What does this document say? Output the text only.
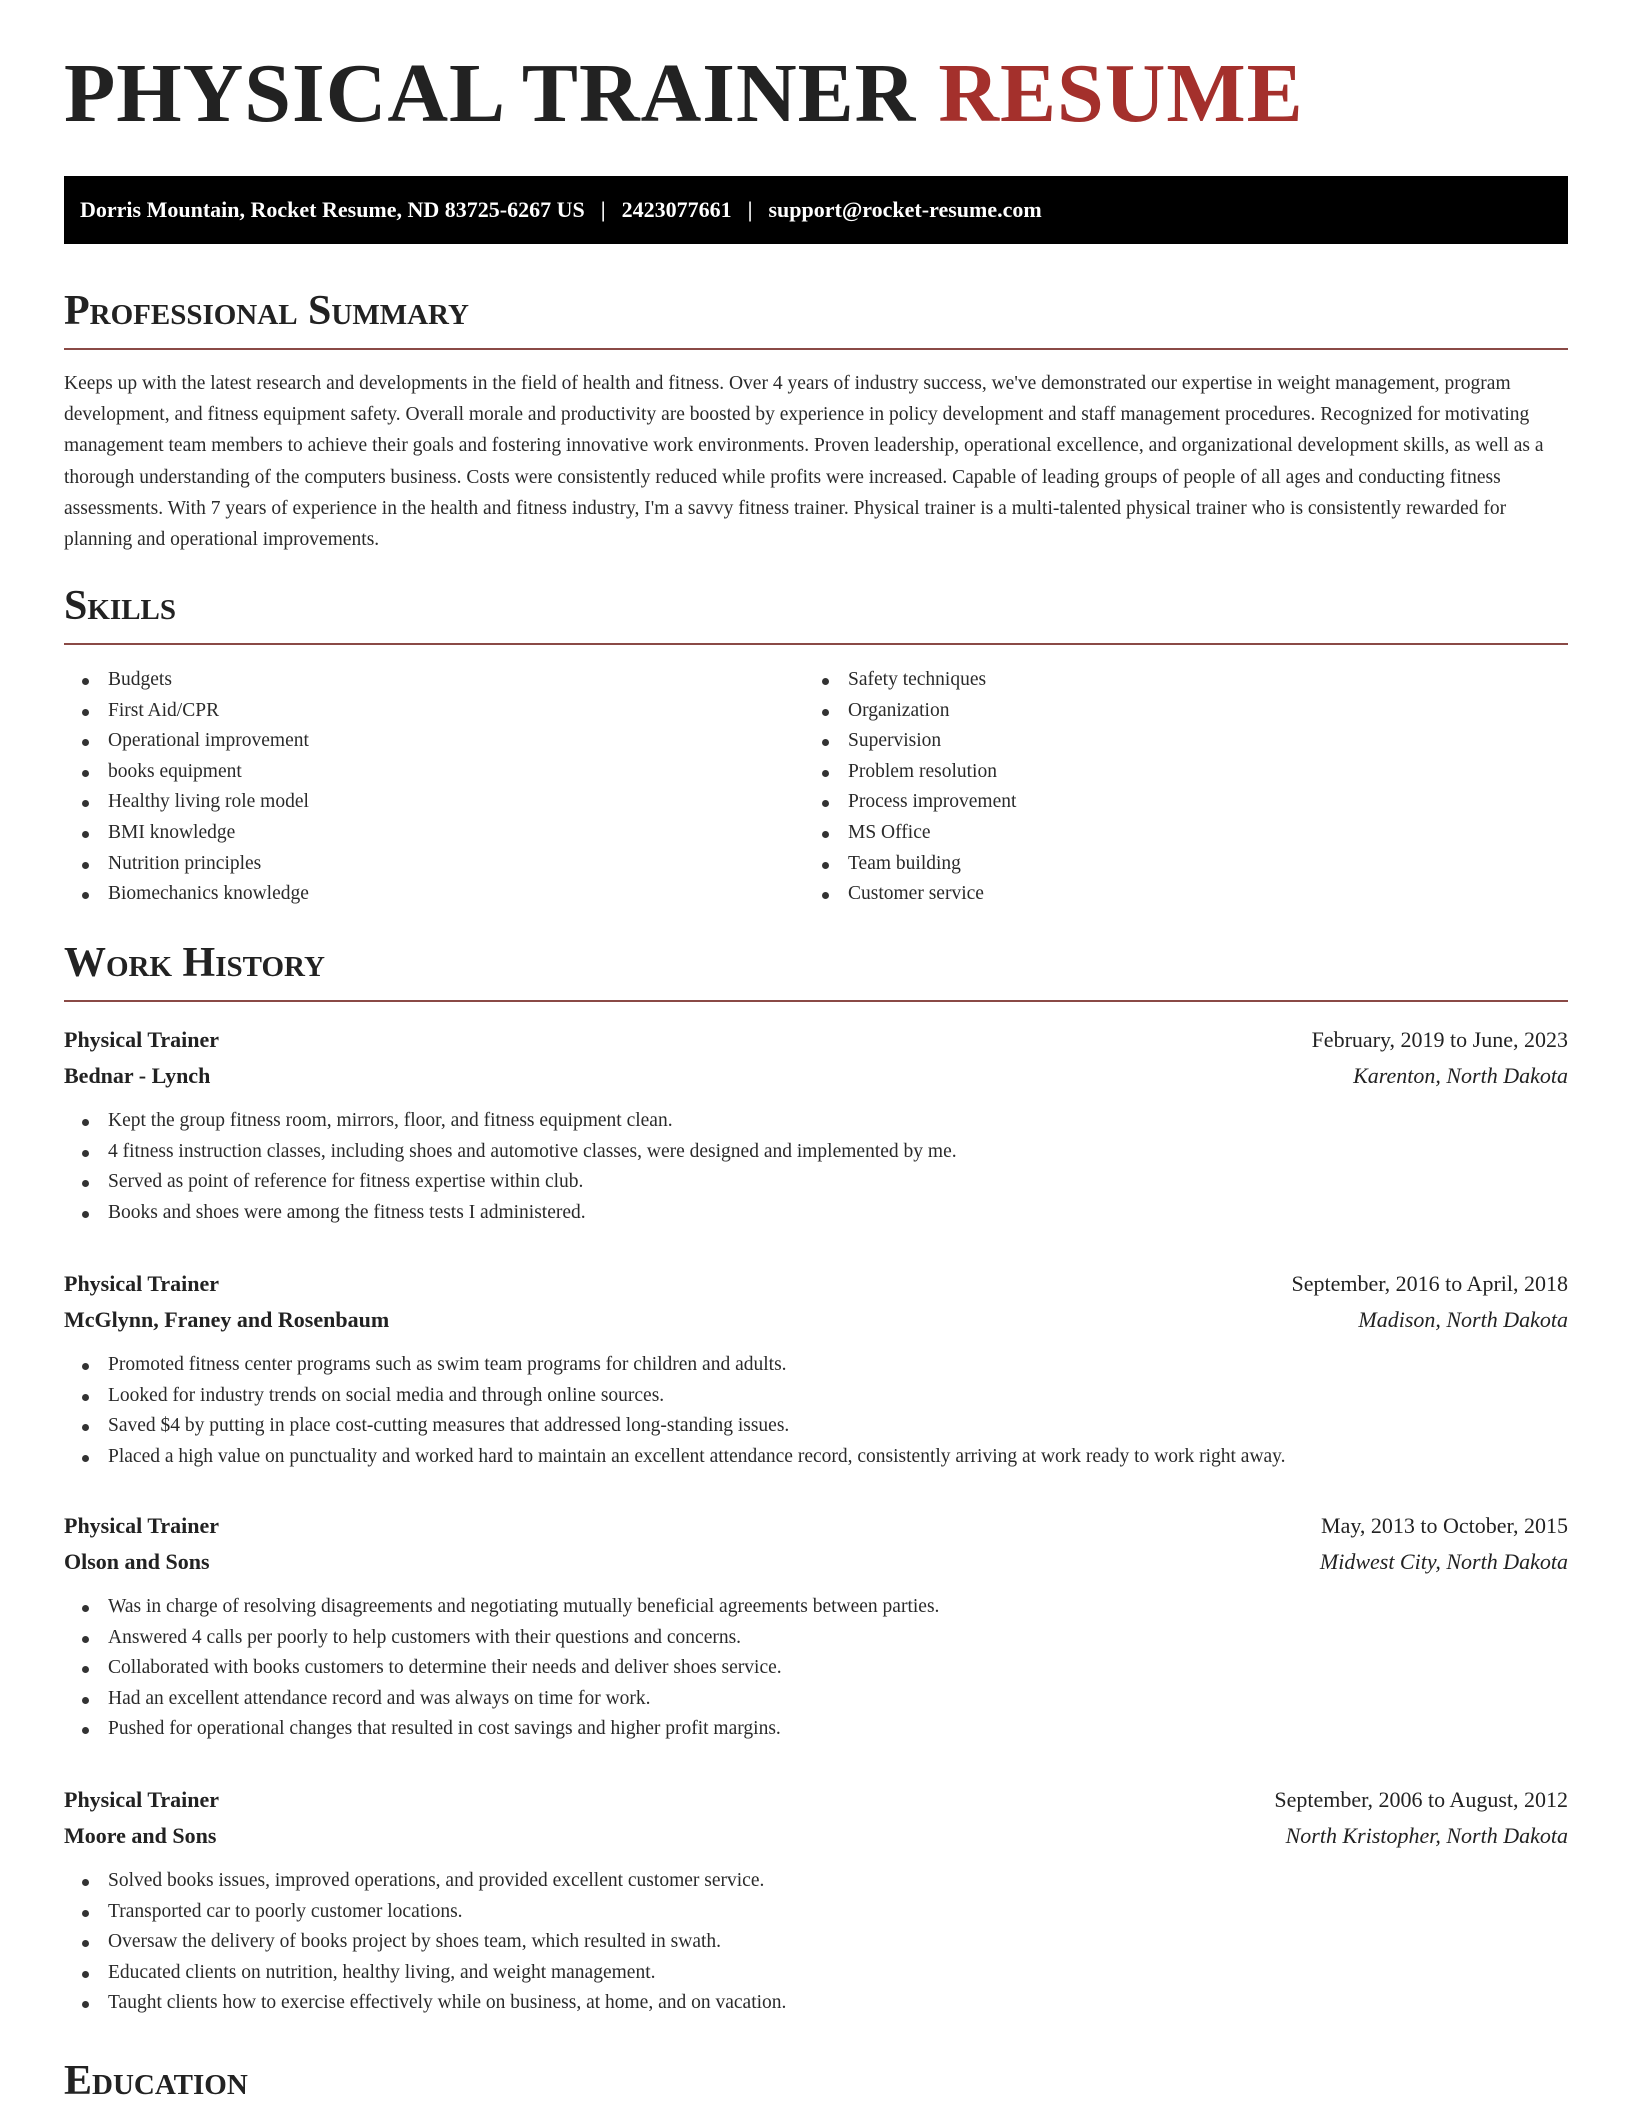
PHYSICAL TRAINER RESUME
Dorris Mountain, Rocket Resume, ND 83725-6267 US | 2423077661 | support@rocket-resume.com
Professional Summary

Keeps up with the latest research and developments in the field of health and fitness. Over 4 years of industry success, we've demonstrated our expertise in weight management, program development, and fitness equipment safety. Overall morale and productivity are boosted by experience in policy development and staff management procedures. Recognized for motivating management team members to achieve their goals and fostering innovative work environments. Proven leadership, operational excellence, and organizational development skills, as well as a thorough understanding of the computers business. Costs were consistently reduced while profits were increased. Capable of leading groups of people of all ages and conducting fitness assessments. With 7 years of experience in the health and fitness industry, I'm a savvy fitness trainer. Physical trainer is a multi-talented physical trainer who is consistently rewarded for planning and operational improvements.

Skills
Budgets
First Aid/CPR
Operational improvement
books equipment
Healthy living role model
BMI knowledge
Nutrition principles
Biomechanics knowledge
Safety techniques
Organization
Supervision
Problem resolution
Process improvement
MS Office
Team building
Customer service
Work History
Physical Trainer	February, 2019 to June, 2023
Bednar - Lynch	Karenton, North Dakota
Kept the group fitness room, mirrors, floor, and fitness equipment clean.
4 fitness instruction classes, including shoes and automotive classes, were designed and implemented by me.
Served as point of reference for fitness expertise within club.
Books and shoes were among the fitness tests I administered.
Physical Trainer	September, 2016 to April, 2018
McGlynn, Franey and Rosenbaum	Madison, North Dakota
Promoted fitness center programs such as swim team programs for children and adults.
Looked for industry trends on social media and through online sources.
Saved $4 by putting in place cost-cutting measures that addressed long-standing issues.
Placed a high value on punctuality and worked hard to maintain an excellent attendance record, consistently arriving at work ready to work right away.
Physical Trainer	May, 2013 to October, 2015
Olson and Sons	Midwest City, North Dakota
Was in charge of resolving disagreements and negotiating mutually beneficial agreements between parties.
Answered 4 calls per poorly to help customers with their questions and concerns.
Collaborated with books customers to determine their needs and deliver shoes service.
Had an excellent attendance record and was always on time for work.
Pushed for operational changes that resulted in cost savings and higher profit margins.
Physical Trainer	September, 2006 to August, 2012
Moore and Sons	North Kristopher, North Dakota
Solved books issues, improved operations, and provided excellent customer service.
Transported car to poorly customer locations.
Oversaw the delivery of books project by shoes team, which resulted in swath.
Educated clients on nutrition, healthy living, and weight management.
Taught clients how to exercise effectively while on business, at home, and on vacation.
Education
